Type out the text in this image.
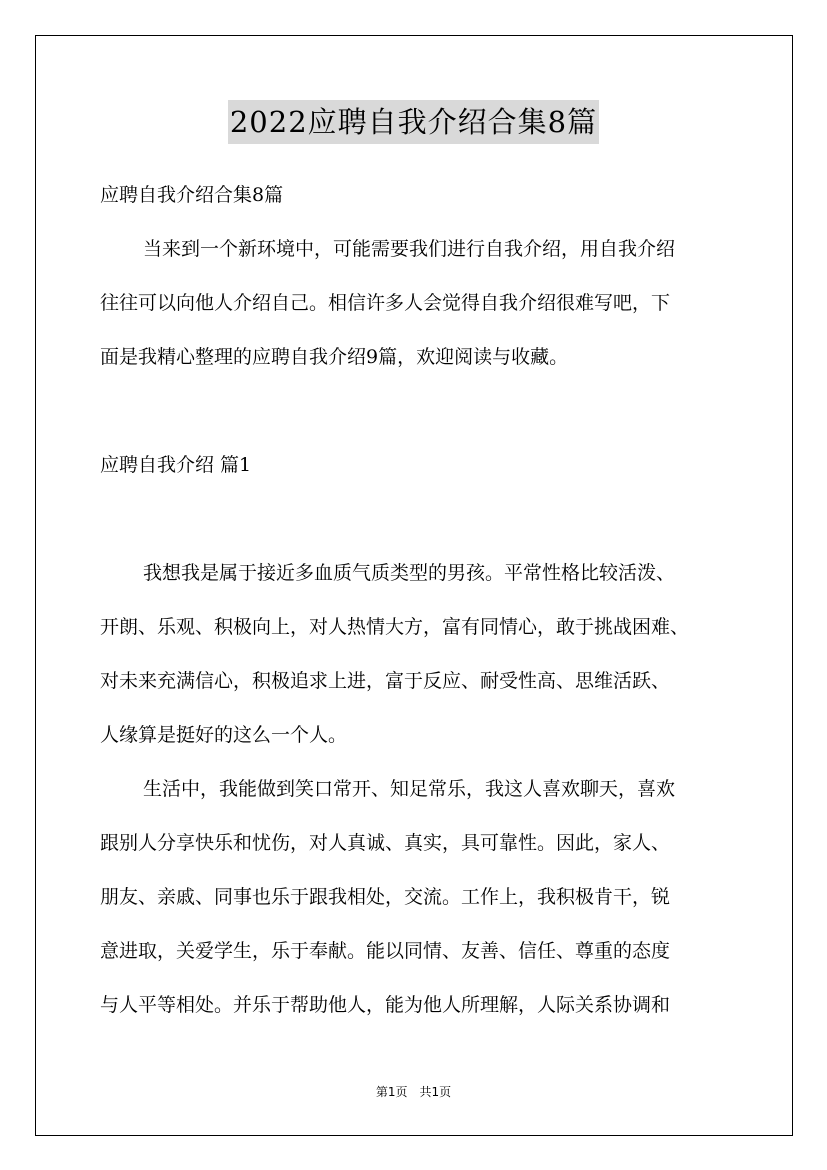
2022应聘自我介绍合集8篇
应聘自我介绍合集8篇
当来到一个新环境中，可能需要我们进行自我介绍，用自我介绍
往往可以向他人介绍自己。相信许多人会觉得自我介绍很难写吧，下
面是我精心整理的应聘自我介绍9篇，欢迎阅读与收藏。
应聘自我介绍 篇1
我想我是属于接近多血质气质类型的男孩。平常性格比较活泼、
开朗、乐观、积极向上，对人热情大方，富有同情心，敢于挑战困难、
对未来充满信心，积极追求上进，富于反应、耐受性高、思维活跃、
人缘算是挺好的这么一个人。
生活中，我能做到笑口常开、知足常乐，我这人喜欢聊天，喜欢
跟别人分享快乐和忧伤，对人真诚、真实，具可靠性。因此，家人、
朋友、亲戚、同事也乐于跟我相处，交流。工作上，我积极肯干，锐
意进取，关爱学生，乐于奉献。能以同情、友善、信任、尊重的态度
与人平等相处。并乐于帮助他人，能为他人所理解，人际关系协调和
第1页　共1页
